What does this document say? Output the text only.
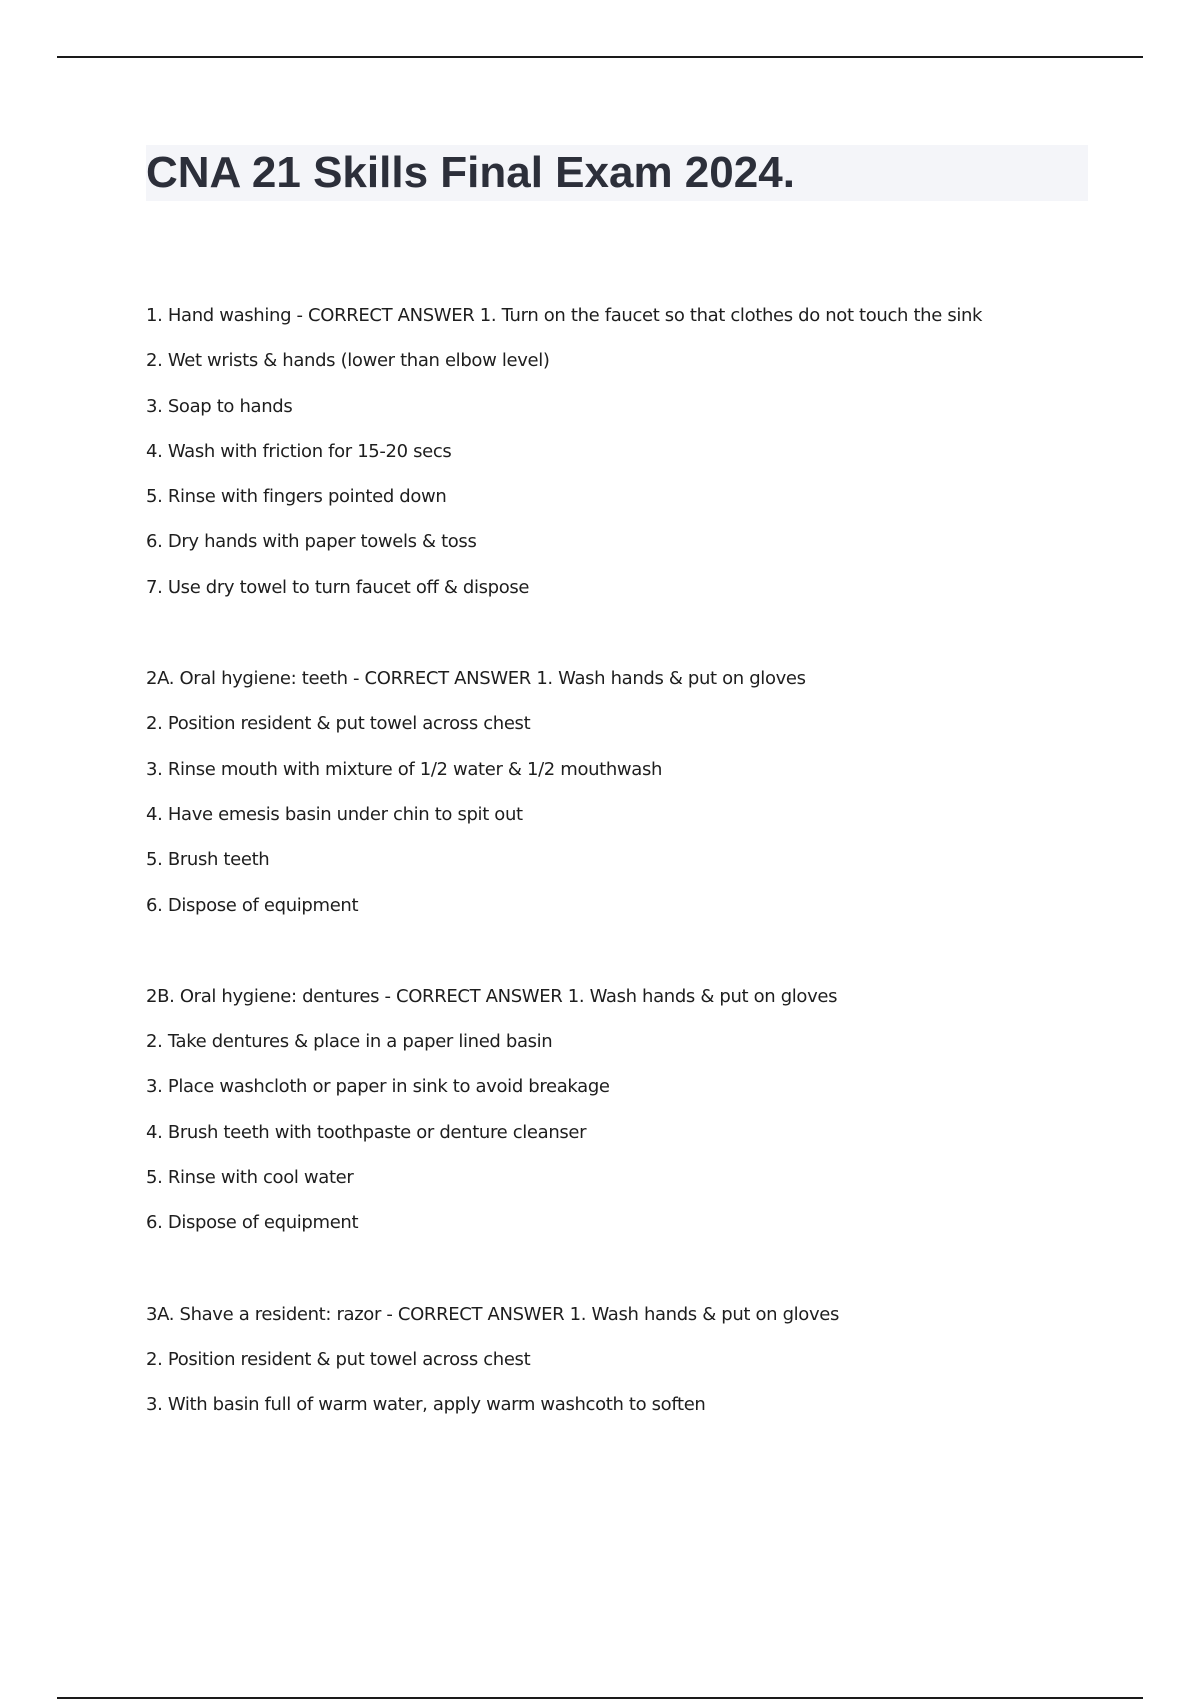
CNA 21 Skills Final Exam 2024.
1. Hand washing - CORRECT ANSWER 1. Turn on the faucet so that clothes do not touch the sink
2. Wet wrists & hands (lower than elbow level)
3. Soap to hands
4. Wash with friction for 15-20 secs
5. Rinse with fingers pointed down
6. Dry hands with paper towels & toss
7. Use dry towel to turn faucet off & dispose
2A. Oral hygiene: teeth - CORRECT ANSWER 1. Wash hands & put on gloves
2. Position resident & put towel across chest
3. Rinse mouth with mixture of 1/2 water & 1/2 mouthwash
4. Have emesis basin under chin to spit out
5. Brush teeth
6. Dispose of equipment
2B. Oral hygiene: dentures - CORRECT ANSWER 1. Wash hands & put on gloves
2. Take dentures & place in a paper lined basin
3. Place washcloth or paper in sink to avoid breakage
4. Brush teeth with toothpaste or denture cleanser
5. Rinse with cool water
6. Dispose of equipment
3A. Shave a resident: razor - CORRECT ANSWER 1. Wash hands & put on gloves
2. Position resident & put towel across chest
3. With basin full of warm water, apply warm washcoth to soften
